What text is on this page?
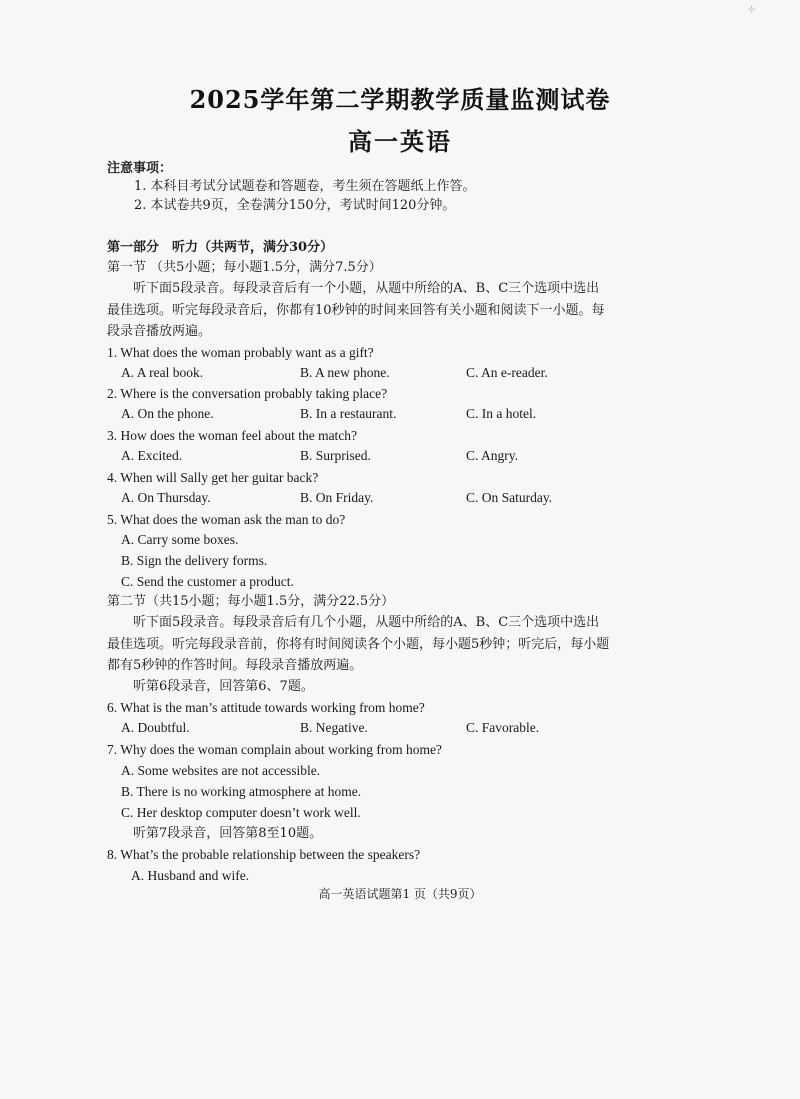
⊹
2025学年第二学期教学质量监测试卷
高一英语
注意事项：
1. 本科目考试分试题卷和答题卷，考生须在答题纸上作答。
2. 本试卷共9页，全卷满分150分，考试时间120分钟。
第一部分　听力（共两节，满分30分）
第一节 （共5小题；每小题1.5分，满分7.5分）
听下面5段录音。每段录音后有一个小题，从题中所给的A、B、C三个选项中选出
最佳选项。听完每段录音后，你都有10秒钟的时间来回答有关小题和阅读下一小题。每
段录音播放两遍。
1. What does the woman probably want as a gift?
A. A real book.	B. A new phone.	C. An e-reader.
2. Where is the conversation probably taking place?
A. On the phone.	B. In a restaurant.	C. In a hotel.
3. How does the woman feel about the match?
A. Excited.	B. Surprised.	C. Angry.
4. When will Sally get her guitar back?
A. On Thursday.	B. On Friday.	C. On Saturday.
5. What does the woman ask the man to do?
A. Carry some boxes.
B. Sign the delivery forms.
C. Send the customer a product.
第二节（共15小题；每小题1.5分，满分22.5分）
听下面5段录音。每段录音后有几个小题，从题中所给的A、B、C三个选项中选出
最佳选项。听完每段录音前，你将有时间阅读各个小题，每小题5秒钟；听完后，每小题
都有5秒钟的作答时间。每段录音播放两遍。
听第6段录音，回答第6、7题。
6. What is the man’s attitude towards working from home?
A. Doubtful.	B. Negative.	C. Favorable.
7. Why does the woman complain about working from home?
A. Some websites are not accessible.
B. There is no working atmosphere at home.
C. Her desktop computer doesn’t work well.
听第7段录音，回答第8至10题。
8. What’s the probable relationship between the speakers?
A. Husband and wife.
高一英语试题第1 页（共9页）
